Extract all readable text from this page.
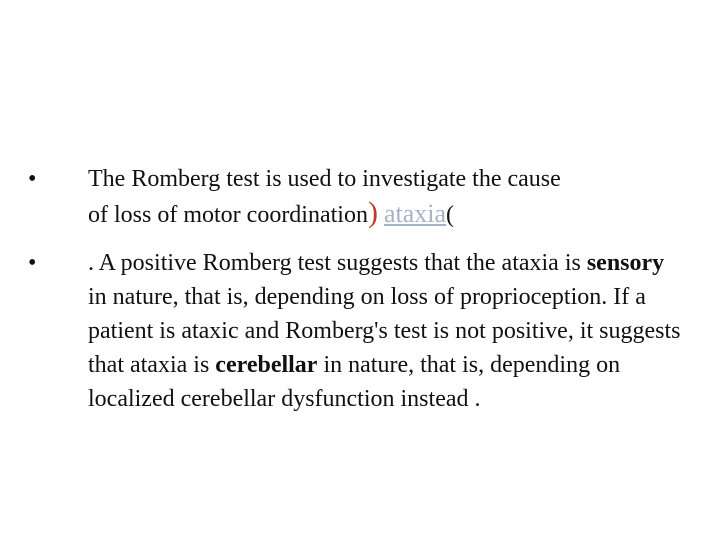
• The Romberg test is used to investigate the cause
of loss of motor coordination) ataxia(
• . A positive Romberg test suggests that the ataxia is sensory in nature, that is, depending on loss of proprioception. If a patient is ataxic and Romberg's test is not positive, it suggests that ataxia is cerebellar in nature, that is, depending on localized cerebellar dysfunction instead .
